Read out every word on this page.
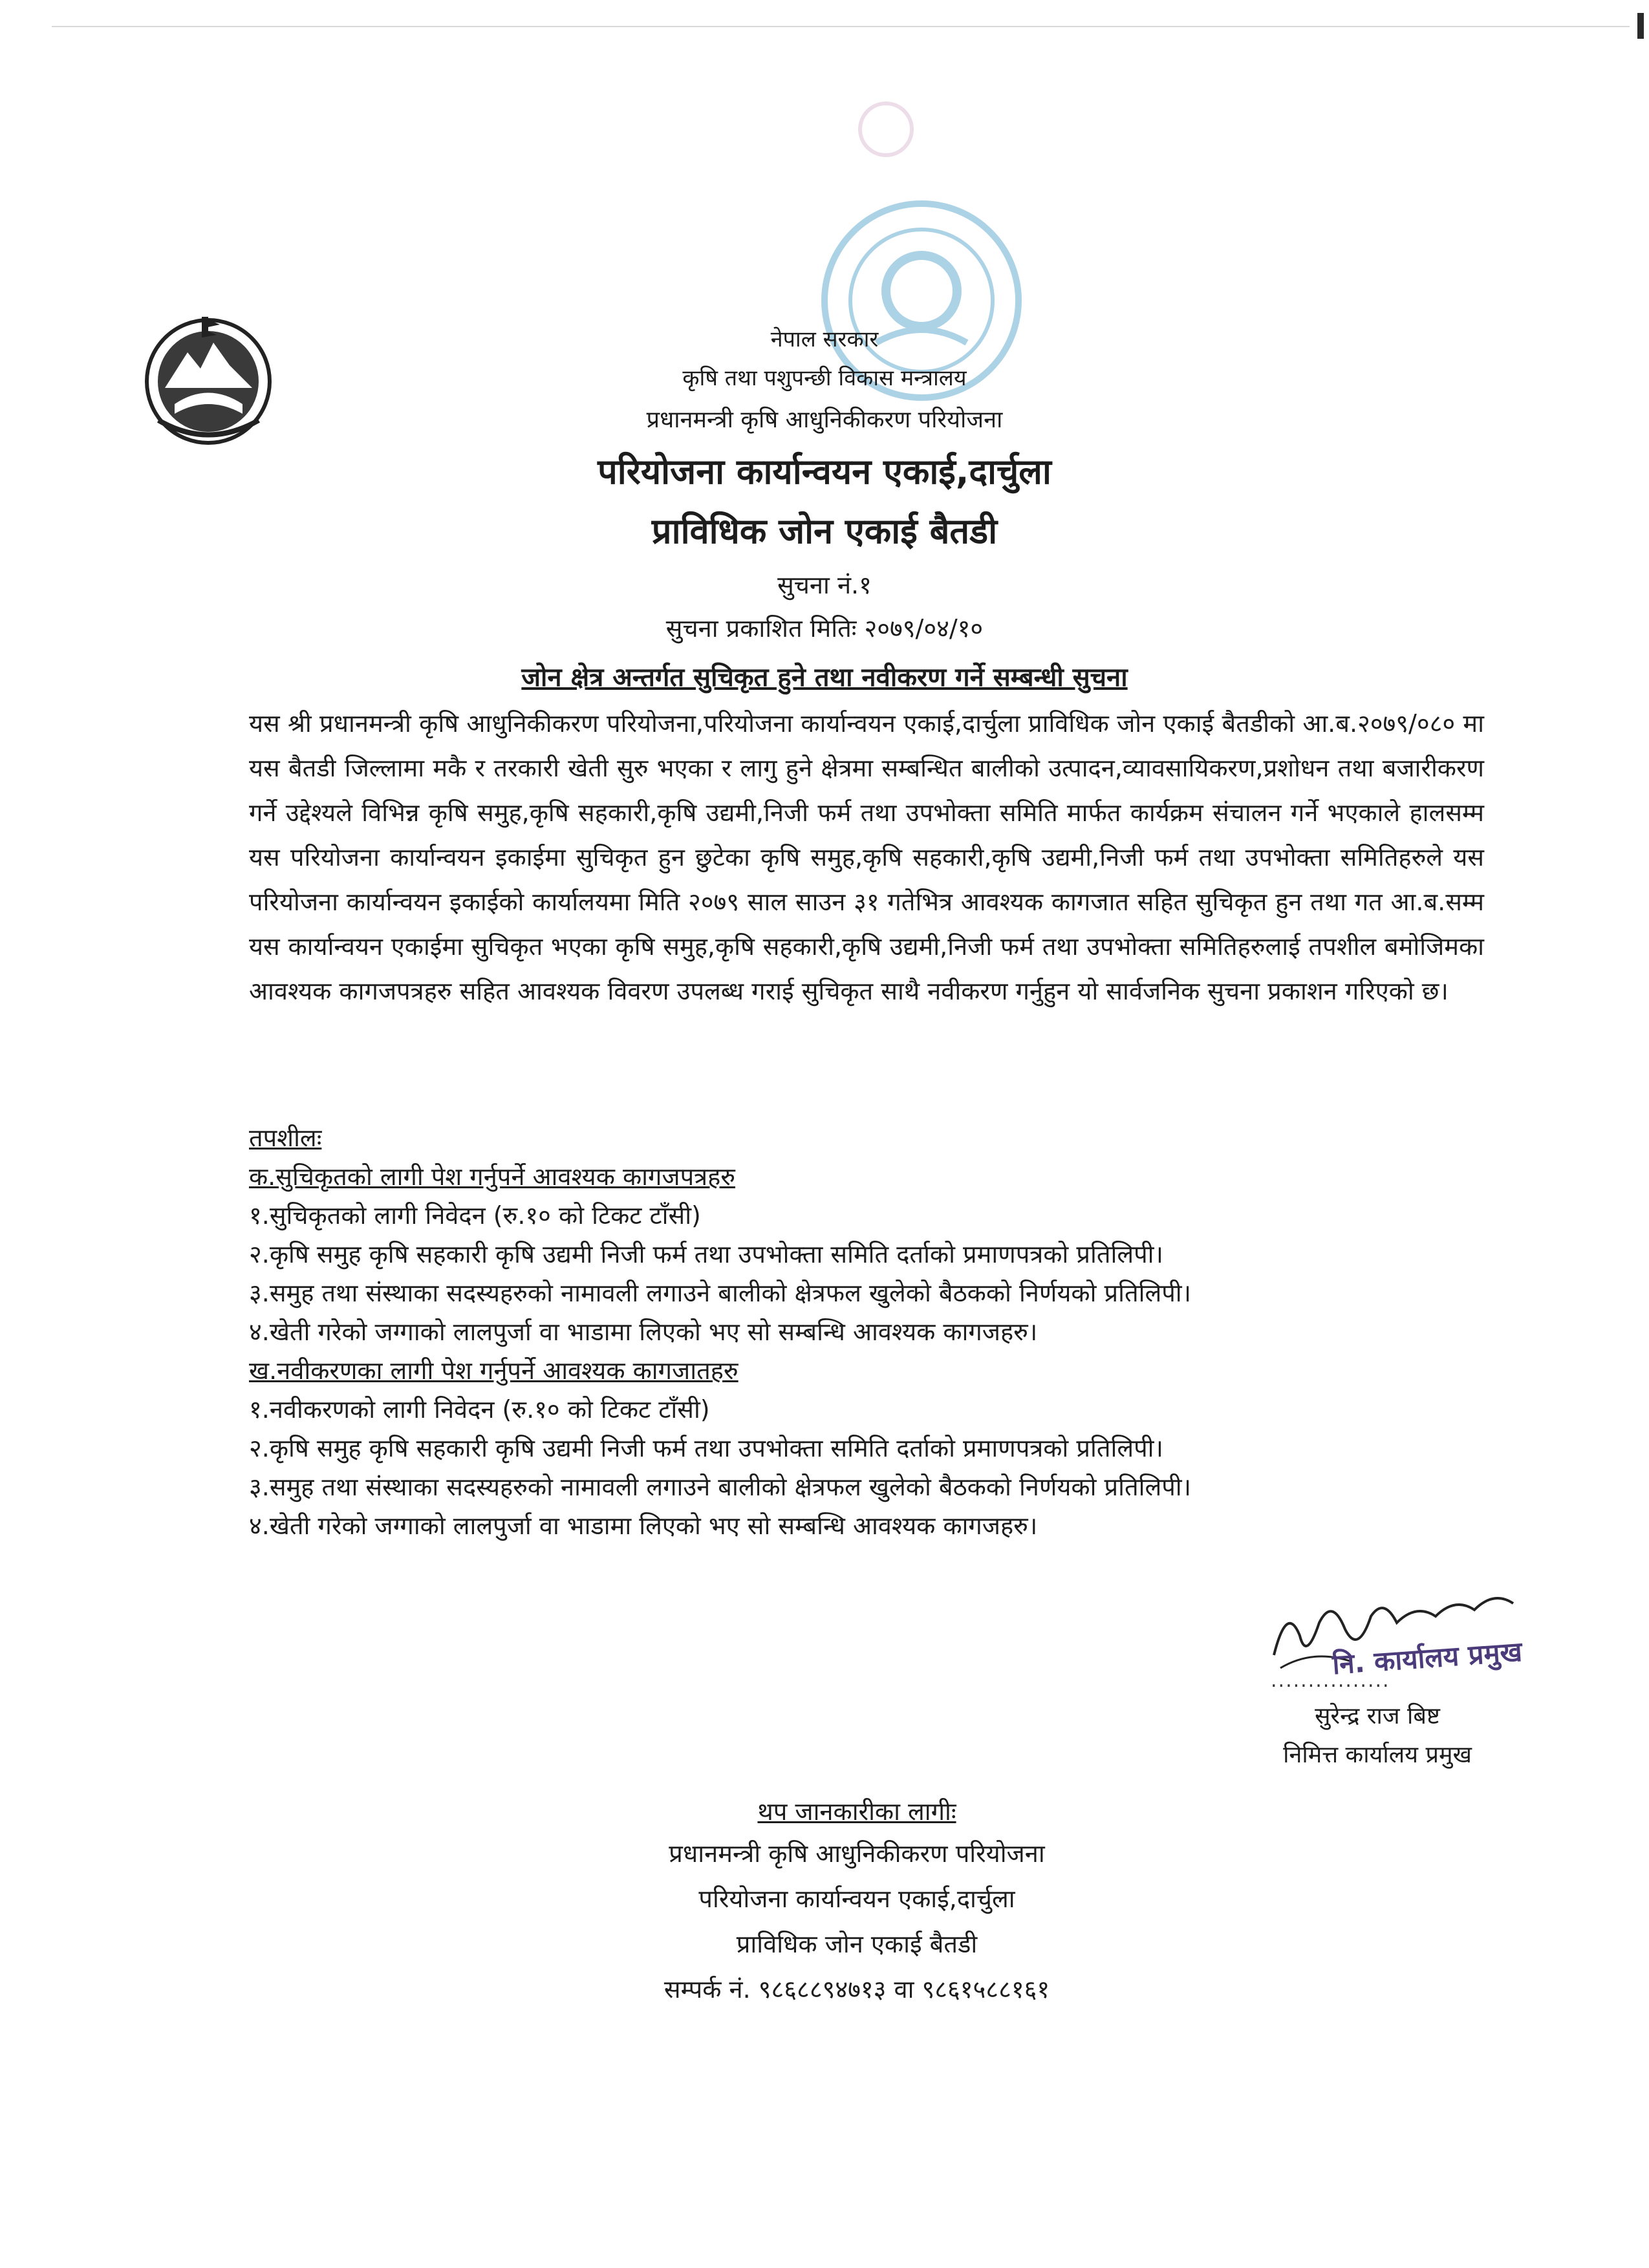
नेपाल सरकार
कृषि तथा पशुपन्छी विकास मन्त्रालय
प्रधानमन्त्री कृषि आधुनिकीकरण परियोजना
परियोजना कार्यान्वयन एकाई,दार्चुला
प्राविधिक जोन एकाई बैतडी
सुचना नं.१
सुचना प्रकाशित मितिः २०७९/०४/१०
जोन क्षेत्र अन्तर्गत सुचिकृत हुने तथा नवीकरण गर्ने सम्बन्धी सुचना
यस श्री प्रधानमन्त्री कृषि आधुनिकीकरण परियोजना,परियोजना कार्यान्वयन एकाई,दार्चुला प्राविधिक जोन एकाई बैतडीको आ.ब.२०७९/०८० मा यस बैतडी जिल्लामा मकै र तरकारी खेती सुरु भएका र लागु हुने क्षेत्रमा सम्बन्धित बालीको उत्पादन,व्यावसायिकरण,प्रशोधन तथा बजारीकरण गर्ने उद्देश्यले विभिन्न कृषि समुह,कृषि सहकारी,कृषि उद्यमी,निजी फर्म तथा उपभोक्ता समिति मार्फत कार्यक्रम संचालन गर्ने भएकाले हालसम्म यस परियोजना कार्यान्वयन इकाईमा सुचिकृत हुन छुटेका कृषि समुह,कृषि सहकारी,कृषि उद्यमी,निजी फर्म तथा उपभोक्ता समितिहरुले यस परियोजना कार्यान्वयन इकाईको कार्यालयमा मिति २०७९ साल साउन ३१ गतेभित्र आवश्यक कागजात सहित सुचिकृत हुन तथा गत आ.ब.सम्म यस कार्यान्वयन एकाईमा सुचिकृत भएका कृषि समुह,कृषि सहकारी,कृषि उद्यमी,निजी फर्म तथा उपभोक्ता समितिहरुलाई तपशील बमोजिमका आवश्यक कागजपत्रहरु सहित आवश्यक विवरण उपलब्ध गराई सुचिकृत साथै नवीकरण गर्नुहुन यो सार्वजनिक सुचना प्रकाशन गरिएको छ।
तपशीलः
क.सुचिकृतको लागी पेश गर्नुपर्ने आवश्यक कागजपत्रहरु
१.सुचिकृतको लागी निवेदन (रु.१० को टिकट टाँसी)
२.कृषि समुह कृषि सहकारी कृषि उद्यमी निजी फर्म तथा उपभोक्ता समिति दर्ताको प्रमाणपत्रको प्रतिलिपी।
३.समुह तथा संस्थाका सदस्यहरुको नामावली लगाउने बालीको क्षेत्रफल खुलेको बैठकको निर्णयको प्रतिलिपी।
४.खेती गरेको जग्गाको लालपुर्जा वा भाडामा लिएको भए सो सम्बन्धि आवश्यक कागजहरु।
ख.नवीकरणका लागी पेश गर्नुपर्ने आवश्यक कागजातहरु
१.नवीकरणको लागी निवेदन (रु.१० को टिकट टाँसी)
२.कृषि समुह कृषि सहकारी कृषि उद्यमी निजी फर्म तथा उपभोक्ता समिति दर्ताको प्रमाणपत्रको प्रतिलिपी।
३.समुह तथा संस्थाका सदस्यहरुको नामावली लगाउने बालीको क्षेत्रफल खुलेको बैठकको निर्णयको प्रतिलिपी।
४.खेती गरेको जग्गाको लालपुर्जा वा भाडामा लिएको भए सो सम्बन्धि आवश्यक कागजहरु।
नि. कार्यालय प्रमुख
................
सुरेन्द्र राज बिष्ट
निमित्त कार्यालय प्रमुख
थप जानकारीका लागीः
प्रधानमन्त्री कृषि आधुनिकीकरण परियोजना
परियोजना कार्यान्वयन एकाई,दार्चुला
प्राविधिक जोन एकाई बैतडी
सम्पर्क नं. ९८६८८९४७१३ वा ९८६१५८८१६१
